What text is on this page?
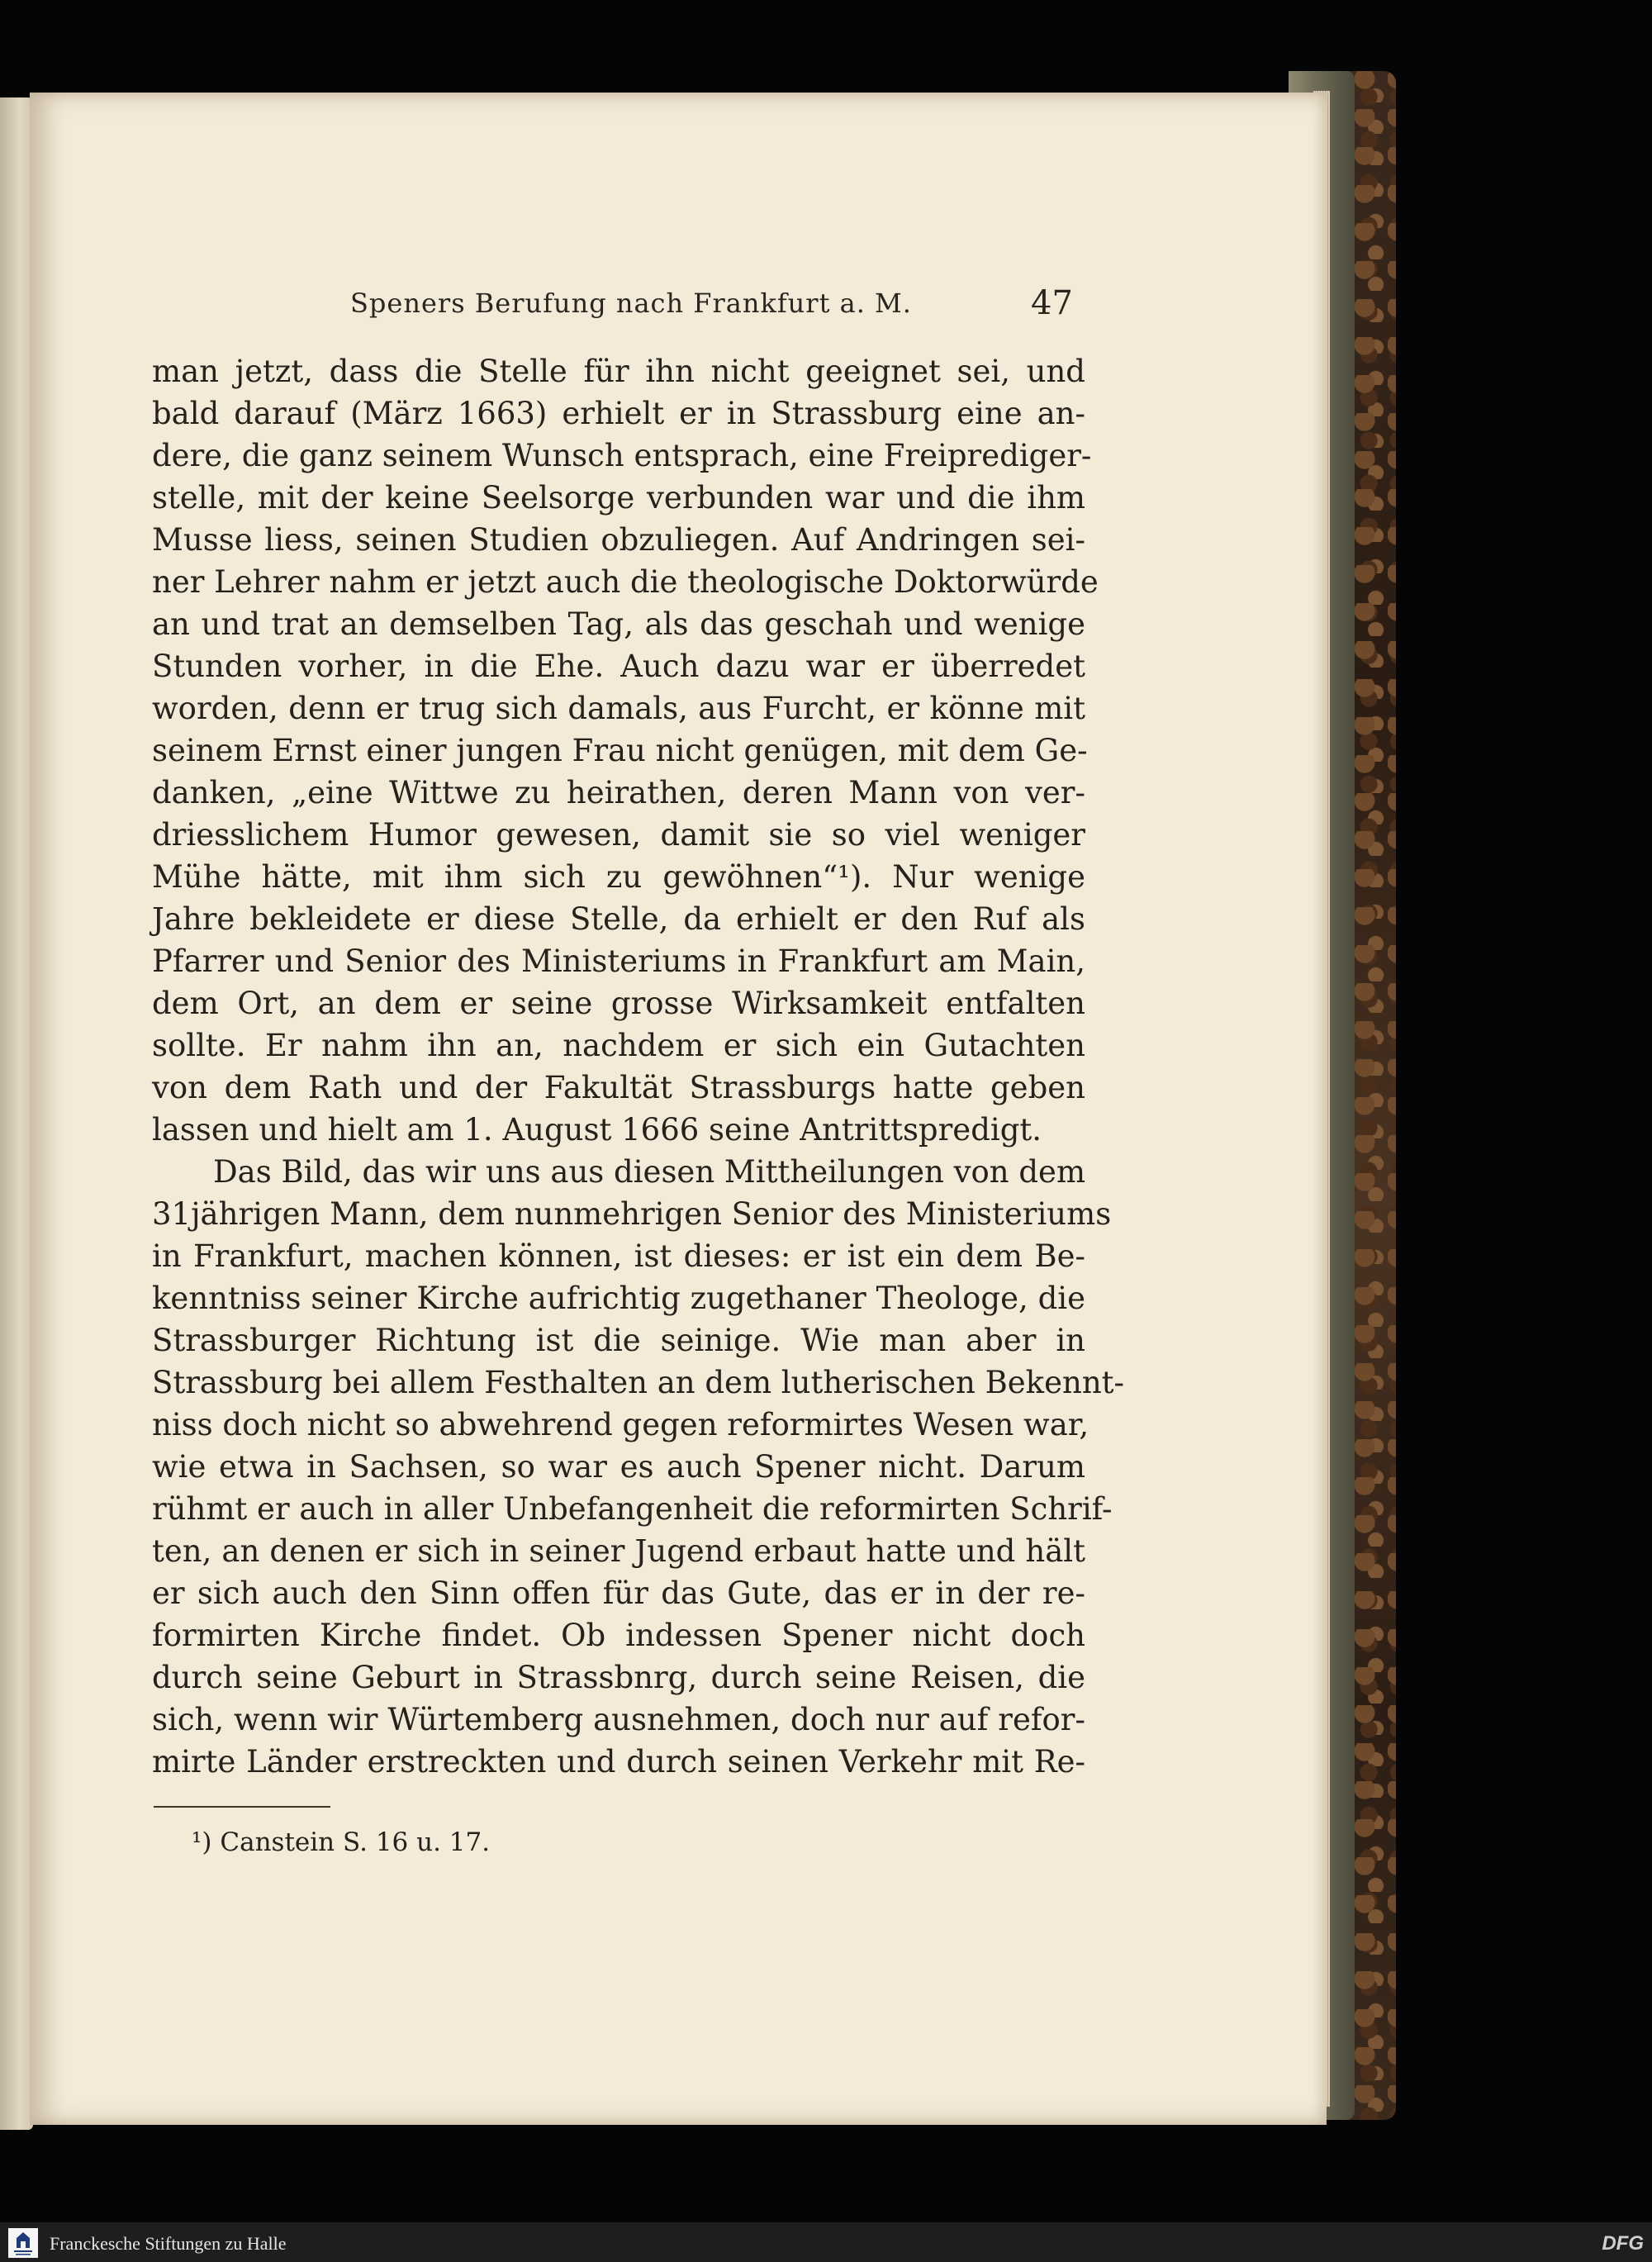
Speners Berufung nach Frankfurt a. M.	47
man jetzt, dass die Stelle für ihn nicht geeignet sei, und
bald darauf (März 1663) erhielt er in Strassburg eine an-
dere, die ganz seinem Wunsch entsprach, eine Freiprediger-
stelle, mit der keine Seelsorge verbunden war und die ihm
Musse liess, seinen Studien obzuliegen. Auf Andringen sei-
ner Lehrer nahm er jetzt auch die theologische Doktorwürde
an und trat an demselben Tag, als das geschah und wenige
Stunden vorher, in die Ehe. Auch dazu war er überredet
worden, denn er trug sich damals, aus Furcht, er könne mit
seinem Ernst einer jungen Frau nicht genügen, mit dem Ge-
danken, „eine Wittwe zu heirathen, deren Mann von ver-
driesslichem Humor gewesen, damit sie so viel weniger
Mühe hätte, mit ihm sich zu gewöhnen“¹). Nur wenige
Jahre bekleidete er diese Stelle, da erhielt er den Ruf als
Pfarrer und Senior des Ministeriums in Frankfurt am Main,
dem Ort, an dem er seine grosse Wirksamkeit entfalten
sollte. Er nahm ihn an, nachdem er sich ein Gutachten
von dem Rath und der Fakultät Strassburgs hatte geben
lassen und hielt am 1. August 1666 seine Antrittspredigt.
Das Bild, das wir uns aus diesen Mittheilungen von dem
31jährigen Mann, dem nunmehrigen Senior des Ministeriums
in Frankfurt, machen können, ist dieses: er ist ein dem Be-
kenntniss seiner Kirche aufrichtig zugethaner Theologe, die
Strassburger Richtung ist die seinige. Wie man aber in
Strassburg bei allem Festhalten an dem lutherischen Bekennt-
niss doch nicht so abwehrend gegen reformirtes Wesen war,
wie etwa in Sachsen, so war es auch Spener nicht. Darum
rühmt er auch in aller Unbefangenheit die reformirten Schrif-
ten, an denen er sich in seiner Jugend erbaut hatte und hält
er sich auch den Sinn offen für das Gute, das er in der re-
formirten Kirche findet. Ob indessen Spener nicht doch
durch seine Geburt in Strassbnrg, durch seine Reisen, die
sich, wenn wir Würtemberg ausnehmen, doch nur auf refor-
mirte Länder erstreckten und durch seinen Verkehr mit Re-
¹) Canstein S. 16 u. 17.
Franckesche Stiftungen zu Halle	DFG
